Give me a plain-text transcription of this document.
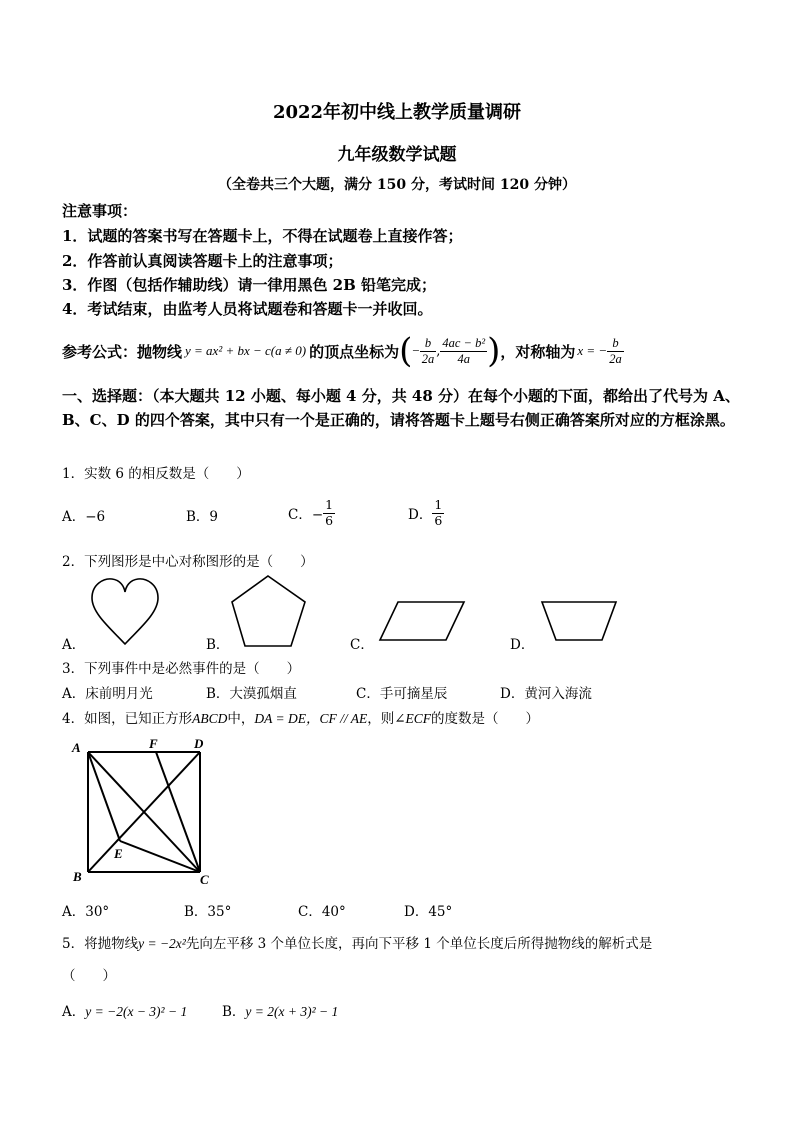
2022年初中线上教学质量调研
九年级数学试题
（全卷共三个大题，满分 150 分，考试时间 120 分钟）
注意事项：
1．试题的答案书写在答题卡上，不得在试题卷上直接作答；
2．作答前认真阅读答题卡上的注意事项；
3．作图（包括作辅助线）请一律用黑色 2B 铅笔完成；
4．考试结束，由监考人员将试题卷和答题卡一并收回。
参考公式：抛物线 y = ax² + bx − c(a ≠ 0) 的顶点坐标为 ( − $\frac{b}{2a}$ , $\frac{\text{4ac − b²}}{4a}$ ) ，对称轴为 x = − $\frac{b}{2a}$
一、选择题：（本大题共 12 小题、每小题 4 分，共 48 分）在每个小题的下面，都给出了代号为 A、B、C、D 的四个答案，其中只有一个是正确的，请将答题卡上题号右侧正确答案所对应的方框涂黑。
1．实数 6 的相反数是（　　）
A．−6	B．9	C．− $\frac{1}{6}$	D． $\frac{1}{6}$
2．下列图形是中心对称图形的是（　　）
A．	B．	C．	D．
3．下列事件中是必然事件的是（　　）
A．床前明月光	B．大漠孤烟直	C．手可摘星辰	D．黄河入海流
4．如图，已知正方形ABCD中，DA = DE，CF // AE，则∠ECF的度数是（　　）
A	F	D
B
E
C
A．30°	B．35°	C．40°	D．45°
5．将抛物线y = −2x²先向左平移 3 个单位长度，再向下平移 1 个单位长度后所得抛物线的解析式是
（　　）
A．y = −2(x − 3)² − 1	B．y = 2(x + 3)² − 1
